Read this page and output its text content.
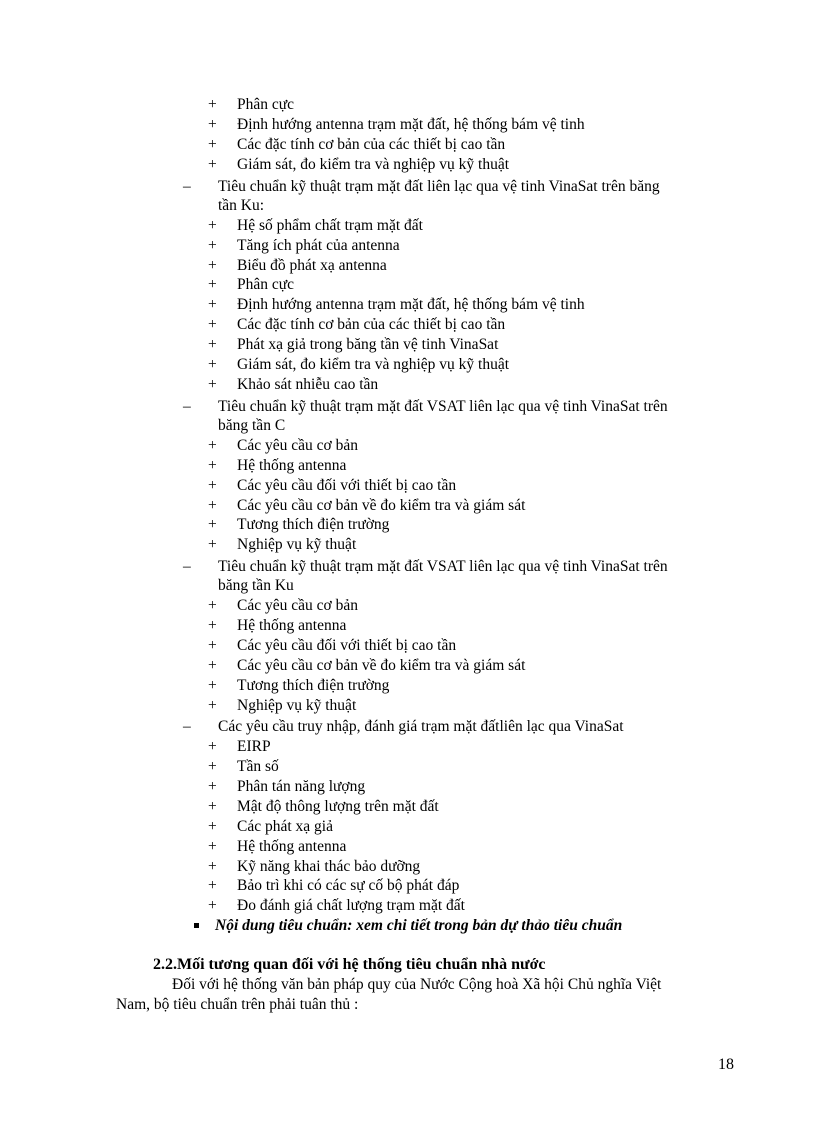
+ Phân cực
+ Định hướng antenna trạm mặt đất, hệ thống bám vệ tinh
+ Các đặc tính cơ bản của các thiết bị cao tần
+ Giám sát, đo kiểm tra và nghiệp vụ kỹ thuật
– Tiêu chuẩn kỹ thuật trạm mặt đất liên lạc qua vệ tinh VinaSat trên băng
tần Ku:
+ Hệ số phẩm chất trạm mặt đất
+ Tăng ích phát của antenna
+ Biểu đồ phát xạ antenna
+ Phân cực
+ Định hướng antenna trạm mặt đất, hệ thống bám vệ tinh
+ Các đặc tính cơ bản của các thiết bị cao tần
+ Phát xạ giả trong băng tần vệ tinh VinaSat
+ Giám sát, đo kiểm tra và nghiệp vụ kỹ thuật
+ Khảo sát nhiễu cao tần
– Tiêu chuẩn kỹ thuật trạm mặt đất VSAT liên lạc qua vệ tinh VinaSat trên
băng tần C
+ Các yêu cầu cơ bản
+ Hệ thống antenna
+ Các yêu cầu đối với thiết bị cao tần
+ Các yêu cầu cơ bản về đo kiểm tra và giám sát
+ Tương thích điện trường
+ Nghiệp vụ kỹ thuật
– Tiêu chuẩn kỹ thuật trạm mặt đất VSAT liên lạc qua vệ tinh VinaSat trên
băng tần Ku
+ Các yêu cầu cơ bản
+ Hệ thống antenna
+ Các yêu cầu đối với thiết bị cao tần
+ Các yêu cầu cơ bản về đo kiểm tra và giám sát
+ Tương thích điện trường
+ Nghiệp vụ kỹ thuật
– Các yêu cầu truy nhập, đánh giá trạm mặt đấtliên lạc qua VinaSat
+ EIRP
+ Tần số
+ Phân tán năng lượng
+ Mật độ thông lượng trên mặt đất
+ Các phát xạ giả
+ Hệ thống antenna
+ Kỹ năng khai thác bảo dưỡng
+ Bảo trì khi có các sự cố bộ phát đáp
+ Đo đánh giá chất lượng trạm mặt đất
Nội dung tiêu chuẩn: xem chi tiết trong bản dự thảo tiêu chuẩn
2.2.Mối tương quan đối với hệ thống tiêu chuẩn nhà nước
Đối với hệ thống văn bản pháp quy của Nước Cộng hoà Xã hội Chủ nghĩa Việt
Nam, bộ tiêu chuẩn trên phải tuân thủ :
18
